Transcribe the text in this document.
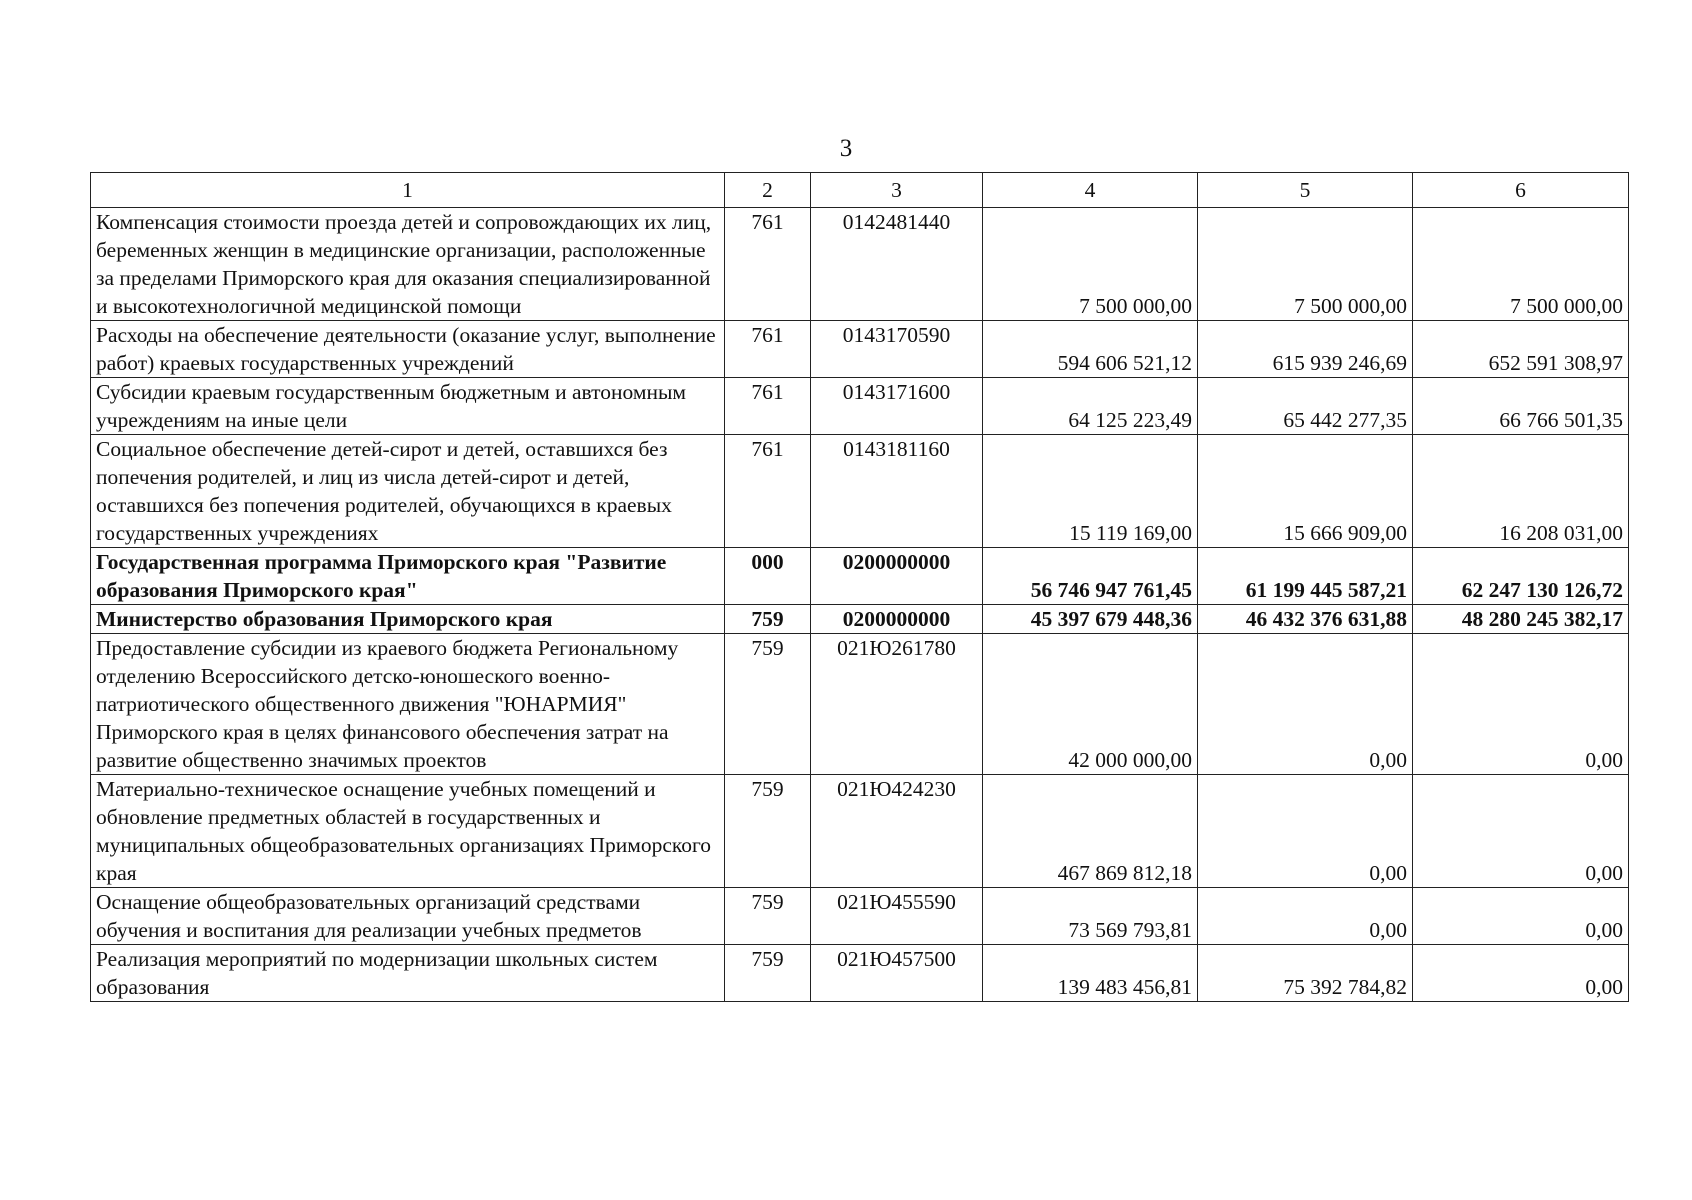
3
1	2	3	4	5	6
Компенсация стоимости проезда детей и сопровождающих их лиц, беременных женщин в медицинские организации, расположенные за пределами Приморского края для оказания специализированной и высокотехнологичной медицинской помощи	761	0142481440	7 500 000,00	7 500 000,00	7 500 000,00
Расходы на обеспечение деятельности (оказание услуг, выполнение работ) краевых государственных учреждений	761	0143170590	594 606 521,12	615 939 246,69	652 591 308,97
Субсидии краевым государственным бюджетным и автономным учреждениям на иные цели	761	0143171600	64 125 223,49	65 442 277,35	66 766 501,35
Социальное обеспечение детей-сирот и детей, оставшихся без попечения родителей, и лиц из числа детей-сирот и детей, оставшихся без попечения родителей, обучающихся в краевых государственных учреждениях	761	0143181160	15 119 169,00	15 666 909,00	16 208 031,00
Государственная программа Приморского края "Развитие образования Приморского края"	000	0200000000	56 746 947 761,45	61 199 445 587,21	62 247 130 126,72
Министерство образования Приморского края	759	0200000000	45 397 679 448,36	46 432 376 631,88	48 280 245 382,17
Предоставление субсидии из краевого бюджета Региональному отделению Всероссийского детско-юношеского военно-патриотического общественного движения "ЮНАРМИЯ" Приморского края в целях финансового обеспечения затрат на развитие общественно значимых проектов	759	021Ю261780	42 000 000,00	0,00	0,00
Материально-техническое оснащение учебных помещений и обновление предметных областей в государственных и муниципальных общеобразовательных организациях Приморского края	759	021Ю424230	467 869 812,18	0,00	0,00
Оснащение общеобразовательных организаций средствами обучения и воспитания для реализации учебных предметов	759	021Ю455590	73 569 793,81	0,00	0,00
Реализация мероприятий по модернизации школьных систем образования	759	021Ю457500	139 483 456,81	75 392 784,82	0,00
